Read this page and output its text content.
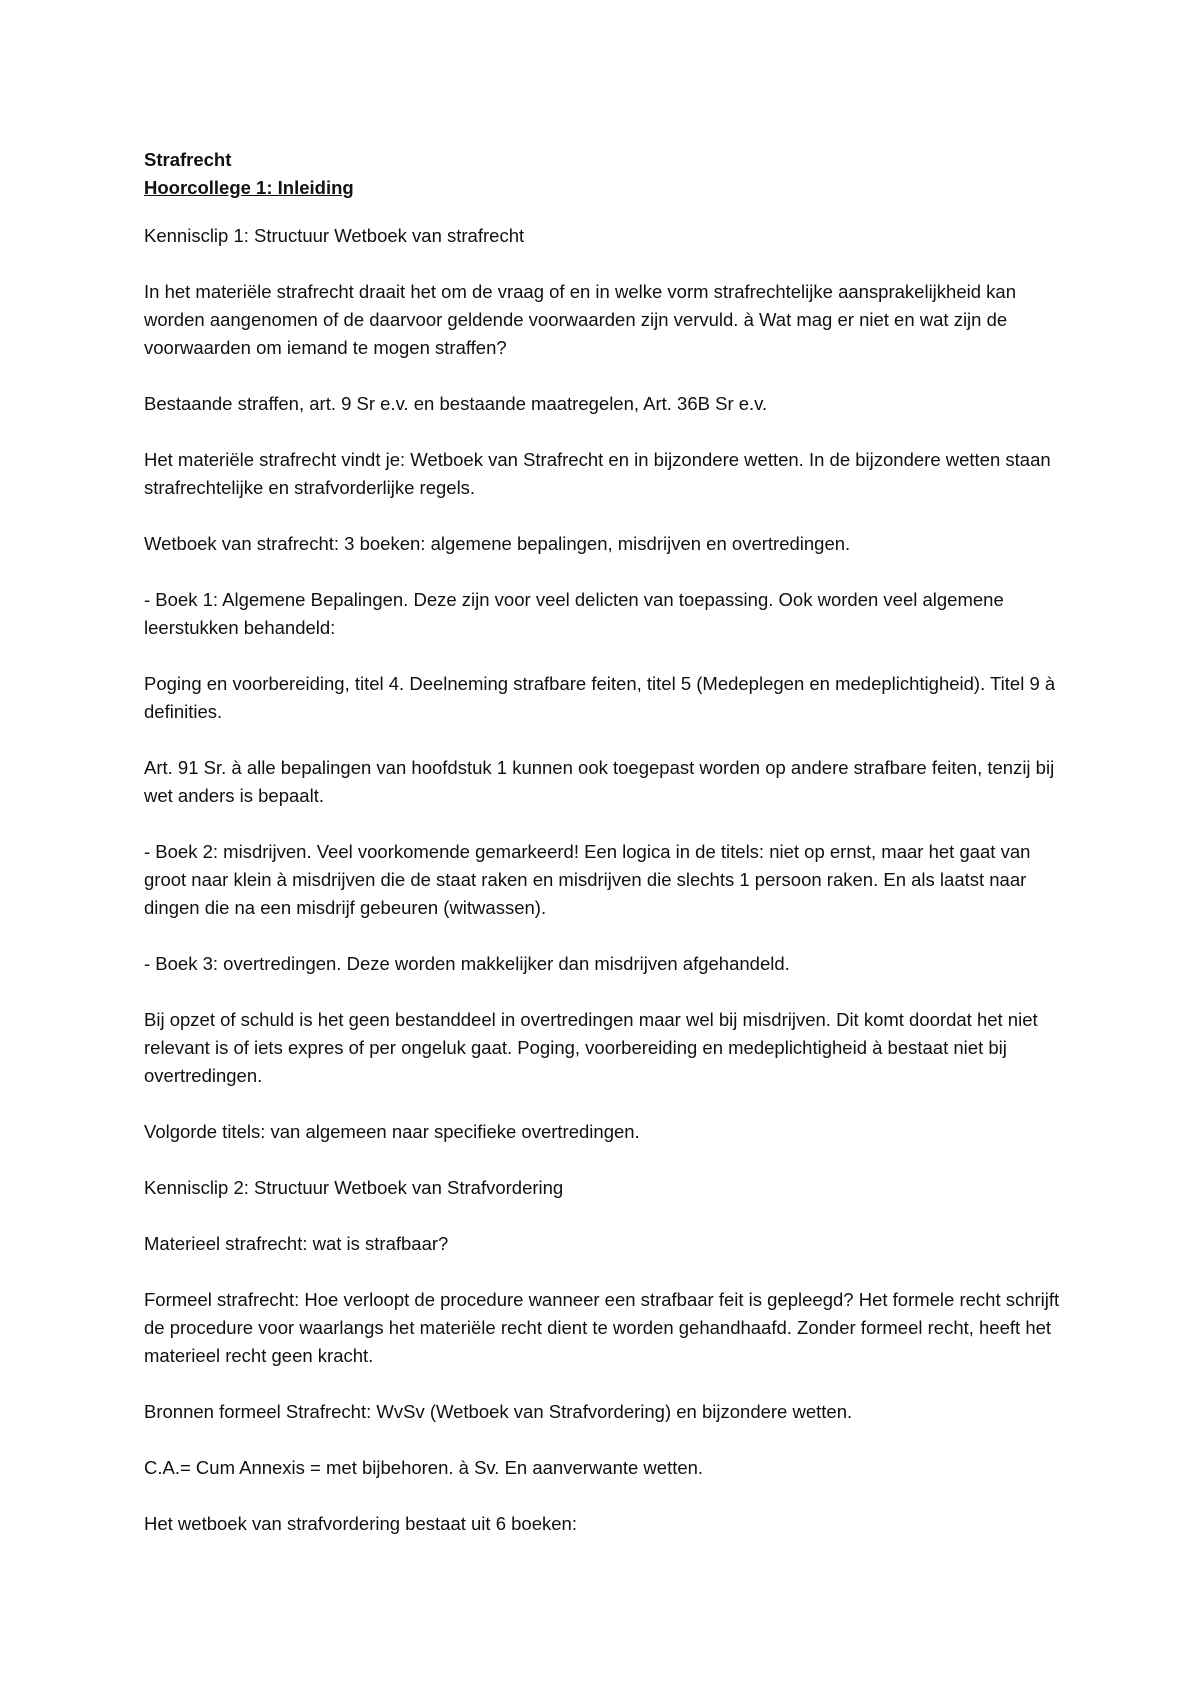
Strafrecht

Hoorcollege 1: Inleiding

Kennisclip 1: Structuur Wetboek van strafrecht

In het materiële strafrecht draait het om de vraag of en in welke vorm strafrechtelijke aansprakelijkheid kan worden aangenomen of de daarvoor geldende voorwaarden zijn vervuld. à Wat mag er niet en wat zijn de voorwaarden om iemand te mogen straffen?

Bestaande straffen, art. 9 Sr e.v. en bestaande maatregelen, Art. 36B Sr e.v.

Het materiële strafrecht vindt je: Wetboek van Strafrecht en in bijzondere wetten. In de bijzondere wetten staan strafrechtelijke en strafvorderlijke regels.

Wetboek van strafrecht: 3 boeken: algemene bepalingen, misdrijven en overtredingen.

- Boek 1: Algemene Bepalingen. Deze zijn voor veel delicten van toepassing. Ook worden veel algemene leerstukken behandeld:

Poging en voorbereiding, titel 4. Deelneming strafbare feiten, titel 5 (Medeplegen en medeplichtigheid). Titel 9 à definities.

Art. 91 Sr. à alle bepalingen van hoofdstuk 1 kunnen ook toegepast worden op andere strafbare feiten, tenzij bij wet anders is bepaalt.

- Boek 2: misdrijven. Veel voorkomende gemarkeerd! Een logica in de titels: niet op ernst, maar het gaat van groot naar klein à misdrijven die de staat raken en misdrijven die slechts 1 persoon raken. En als laatst naar dingen die na een misdrijf gebeuren (witwassen).

- Boek 3: overtredingen. Deze worden makkelijker dan misdrijven afgehandeld.

Bij opzet of schuld is het geen bestanddeel in overtredingen maar wel bij misdrijven. Dit komt doordat het niet relevant is of iets expres of per ongeluk gaat. Poging, voorbereiding en medeplichtigheid à bestaat niet bij overtredingen.

Volgorde titels: van algemeen naar specifieke overtredingen.

Kennisclip 2: Structuur Wetboek van Strafvordering

Materieel strafrecht: wat is strafbaar?

Formeel strafrecht: Hoe verloopt de procedure wanneer een strafbaar feit is gepleegd? Het formele recht schrijft de procedure voor waarlangs het materiële recht dient te worden gehandhaafd. Zonder formeel recht, heeft het materieel recht geen kracht.

Bronnen formeel Strafrecht: WvSv (Wetboek van Strafvordering) en bijzondere wetten.

C.A.= Cum Annexis = met bijbehoren. à Sv. En aanverwante wetten.

Het wetboek van strafvordering bestaat uit 6 boeken:
